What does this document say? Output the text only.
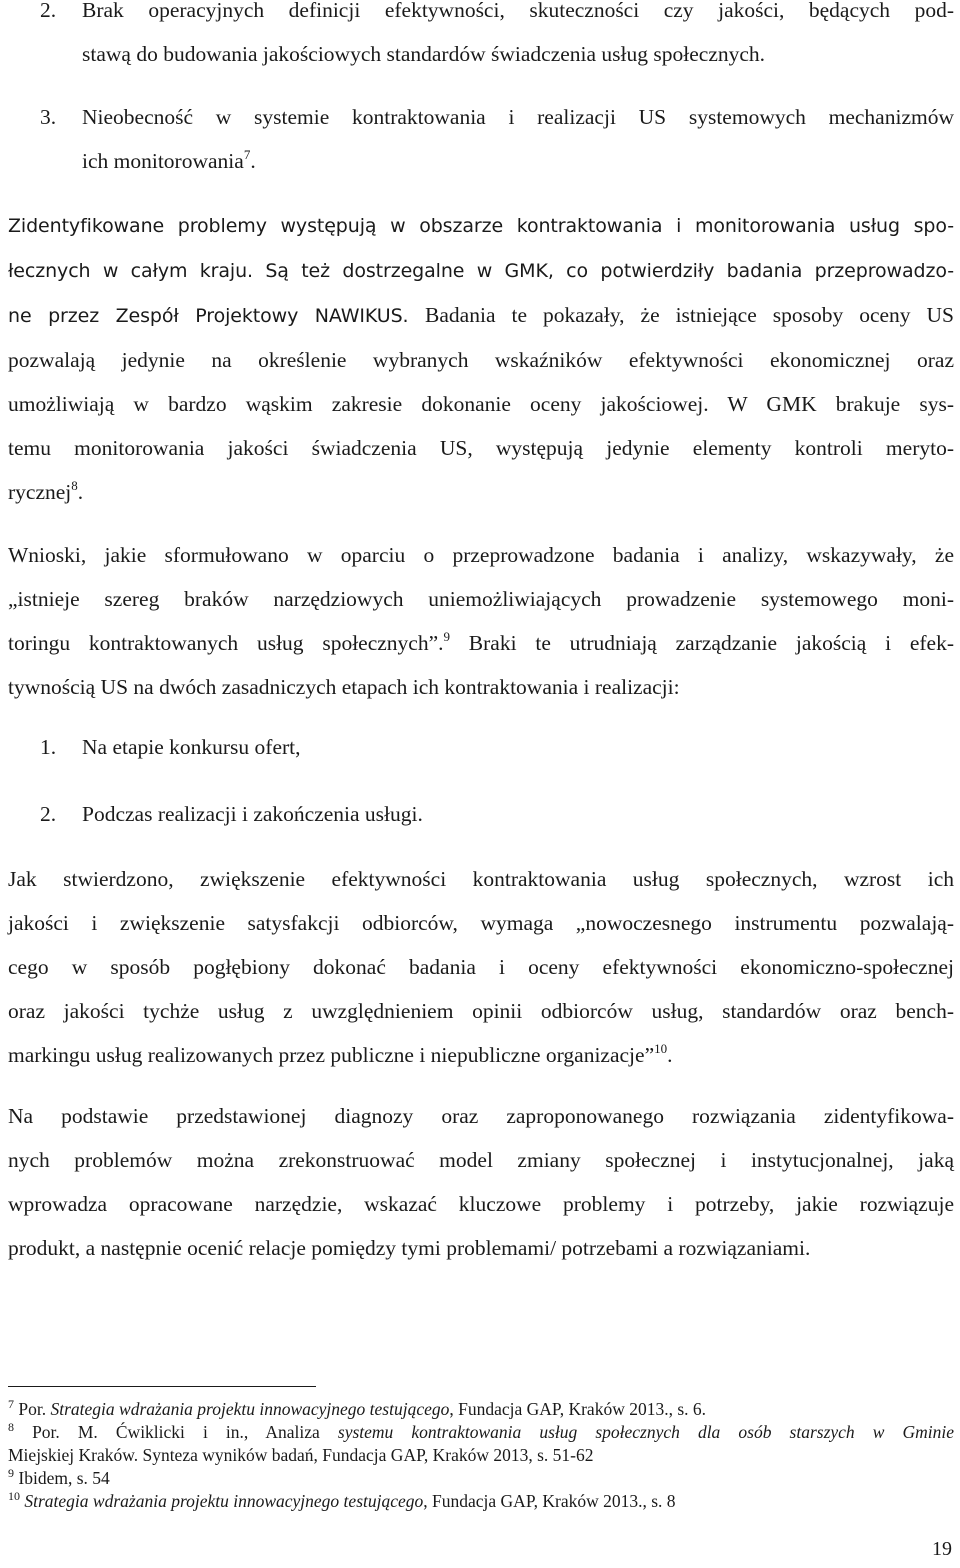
2. Brak operacyjnych definicji efektywności, skuteczności czy jakości, będących pod-
stawą do budowania jakościowych standardów świadczenia usług społecznych.
3. Nieobecność w systemie kontraktowania i realizacji US systemowych mechanizmów
ich monitorowania$^7$.
Zidentyfikowane problemy występują w obszarze kontraktowania i monitorowania usług spo-
łecznych w całym kraju. Są też dostrzegalne w GMK, co potwierdziły badania przeprowadzo-
ne przez Zespół Projektowy NAWIKUS. Badania te pokazały, że istniejące sposoby oceny US
pozwalają jedynie na określenie wybranych wskaźników efektywności ekonomicznej oraz
umożliwiają w bardzo wąskim zakresie dokonanie oceny jakościowej. W GMK brakuje sys-
temu monitorowania jakości świadczenia US, występują jedynie elementy kontroli meryto-
rycznej$^8$.
Wnioski, jakie sformułowano w oparciu o przeprowadzone badania i analizy, wskazywały, że
„istnieje szereg braków narzędziowych uniemożliwiających prowadzenie systemowego moni-
toringu kontraktowanych usług społecznych”.$^9$ Braki te utrudniają zarządzanie jakością i efek-
tywnością US na dwóch zasadniczych etapach ich kontraktowania i realizacji:
1. Na etapie konkursu ofert,
2. Podczas realizacji i zakończenia usługi.
Jak stwierdzono, zwiększenie efektywności kontraktowania usług społecznych, wzrost ich
jakości i zwiększenie satysfakcji odbiorców, wymaga „nowoczesnego instrumentu pozwalają-
cego w sposób pogłębiony dokonać badania i oceny efektywności ekonomiczno-społecznej
oraz jakości tychże usług z uwzględnieniem opinii odbiorców usług, standardów oraz bench-
markingu usług realizowanych przez publiczne i niepubliczne organizacje”$^{10}$.
Na podstawie przedstawionej diagnozy oraz zaproponowanego rozwiązania zidentyfikowa-
nych problemów można zrekonstruować model zmiany społecznej i instytucjonalnej, jaką
wprowadza opracowane narzędzie, wskazać kluczowe problemy i potrzeby, jakie rozwiązuje
produkt, a następnie ocenić relacje pomiędzy tymi problemami/ potrzebami a rozwiązaniami.
$^7$ Por. Strategia wdrażania projektu innowacyjnego testującego, Fundacja GAP, Kraków 2013., s. 6.
$^8$ Por. M. Ćwiklicki i in., Analiza systemu kontraktowania usług społecznych dla osób starszych w Gminie
Miejskiej Kraków. Synteza wyników badań, Fundacja GAP, Kraków 2013, s. 51-62
$^9$ Ibidem, s. 54
$^{10}$ Strategia wdrażania projektu innowacyjnego testującego, Fundacja GAP, Kraków 2013., s. 8
19
